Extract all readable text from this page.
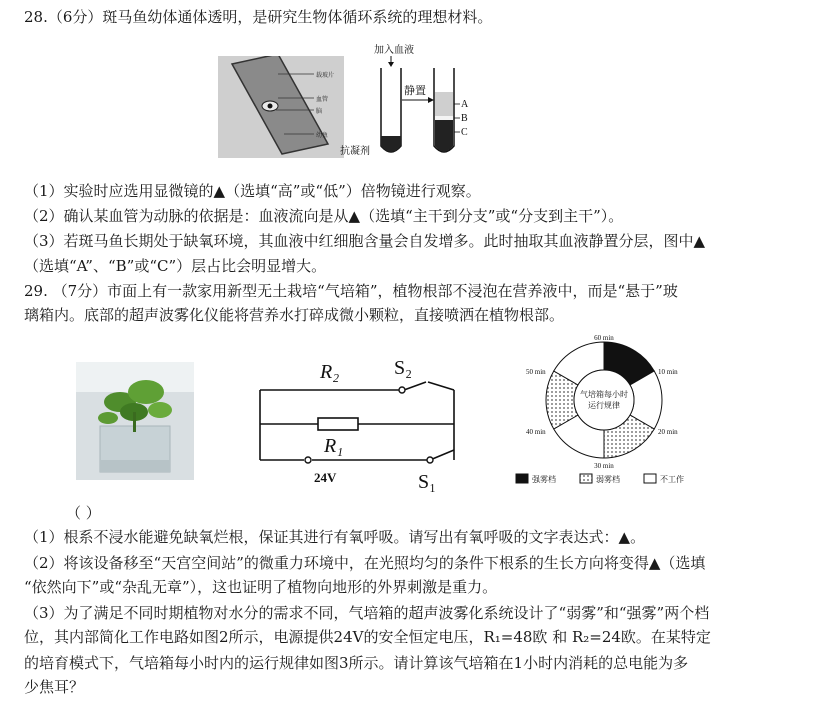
28.（6分）斑马鱼幼体通体透明，是研究生物体循环系统的理想材料。
载玻片
血管
脑
幼鱼
加入血液
抗凝剂
静置
A
B
C
（1）实验时应选用显微镜的▲（选填“高”或“低”）倍物镜进行观察。
（2）确认某血管为动脉的依据是：血液流向是从▲（选填“主干到分支”或“分支到主干”）。
（3）若斑马鱼长期处于缺氧环境，其血液中红细胞含量会自发增多。此时抽取其血液静置分层，图中▲
（选填“A”、“B”或“C”）层占比会明显增大。
29. （7分）市面上有一款家用新型无土栽培“气培箱”，植物根部不浸泡在营养液中，而是“悬于”玻
璃箱内。底部的超声波雾化仪能将营养水打碎成微小颗粒，直接喷洒在植物根部。
R₂	S₂
R₁
24V	S₁
气培箱每小时
运行规律
60 min
10 min
20 min
30 min
40 min
50 min
强雾档	弱雾档	不工作
（ ）
（1）根系不浸水能避免缺氧烂根，保证其进行有氧呼吸。请写出有氧呼吸的文字表达式：▲。
（2）将该设备移至“天宫空间站”的微重力环境中，在光照均匀的条件下根系的生长方向将变得▲（选填
“依然向下”或“杂乱无章”），这也证明了植物向地形的外界刺激是重力。
（3）为了满足不同时期植物对水分的需求不同，气培箱的超声波雾化系统设计了“弱雾”和“强雾”两个档
位，其内部简化工作电路如图2所示，电源提供24V的安全恒定电压，R₁=48欧 和 R₂=24欧。在某特定
的培育模式下，气培箱每小时内的运行规律如图3所示。请计算该气培箱在1小时内消耗的总电能为多
少焦耳？
